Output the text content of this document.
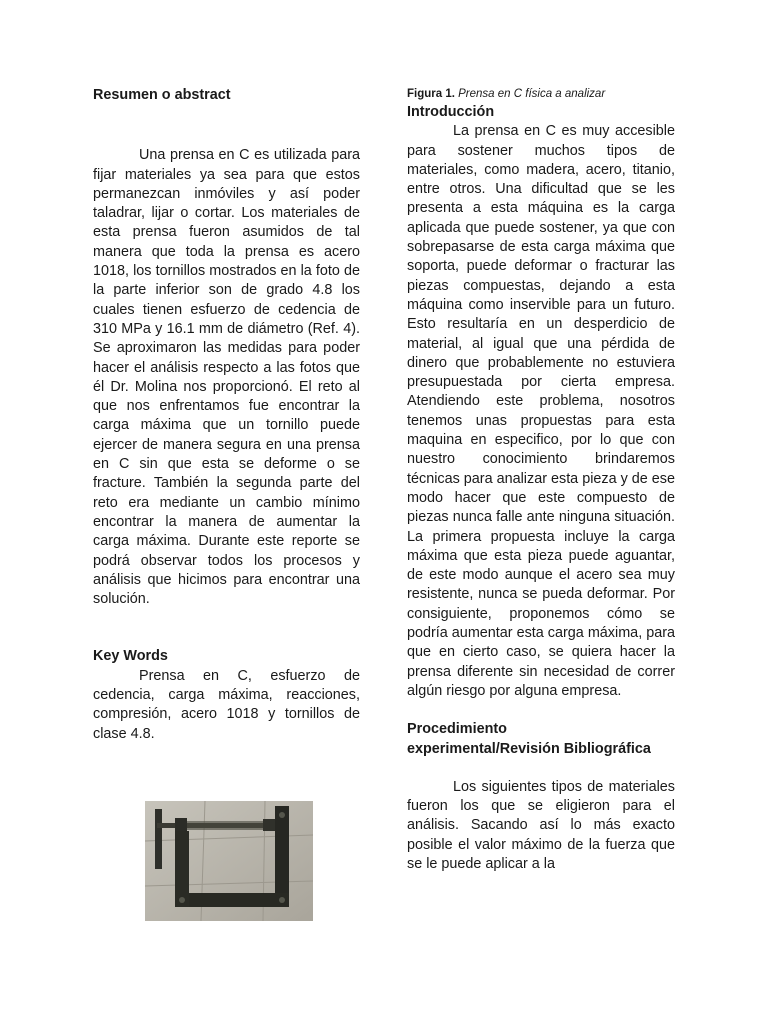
Resumen o abstract

Una prensa en C es utilizada para fijar materiales ya sea para que estos permanezcan inmóviles y así poder taladrar, lijar o cortar. Los materiales de esta prensa fueron asumidos de tal manera que toda la prensa es acero 1018, los tornillos mostrados en la foto de la parte inferior son de grado 4.8 los cuales tienen esfuerzo de cedencia de 310 MPa y 16.1 mm de diámetro (Ref. 4). Se aproximaron las medidas para poder hacer el análisis respecto a las fotos que él Dr. Molina nos proporcionó. El reto al que nos enfrentamos fue encontrar la carga máxima que un tornillo puede ejercer de manera segura en una prensa en C sin que esta se deforme o se fracture. También la segunda parte del reto era mediante un cambio mínimo encontrar la manera de aumentar la carga máxima. Durante este reporte se podrá observar todos los procesos y análisis que hicimos para encontrar una solución.

Key Words

Prensa en C, esfuerzo de cedencia, carga máxima, reacciones, compresión, acero 1018 y tornillos de clase 4.8.

Figura 1. Prensa en C física a analizar
Introducción

La prensa en C es muy accesible para sostener muchos tipos de materiales, como madera, acero, titanio, entre otros. Una dificultad que se les presenta a esta máquina es la carga aplicada que puede sostener, ya que con sobrepasarse de esta carga máxima que soporta, puede deformar o fracturar las piezas compuestas, dejando a esta máquina como inservible para un futuro. Esto resultaría en un desperdicio de material, al igual que una pérdida de dinero que probablemente no estuviera presupuestada por cierta empresa. Atendiendo este problema, nosotros tenemos unas propuestas para esta maquina en especifico, por lo que con nuestro conocimiento brindaremos técnicas para analizar esta pieza y de ese modo hacer que este compuesto de piezas nunca falle ante ninguna situación. La primera propuesta incluye la carga máxima que esta pieza puede aguantar, de este modo aunque el acero sea muy resistente, nunca se pueda deformar. Por consiguiente, proponemos cómo se podría aumentar esta carga máxima, para que en cierto caso, se quiera hacer la prensa diferente sin necesidad de correr algún riesgo por alguna empresa.

Procedimiento
experimental/Revisión Bibliográfica

Los siguientes tipos de materiales fueron los que se eligieron para el análisis. Sacando así lo más exacto posible el valor máximo de la fuerza que se le puede aplicar a la
